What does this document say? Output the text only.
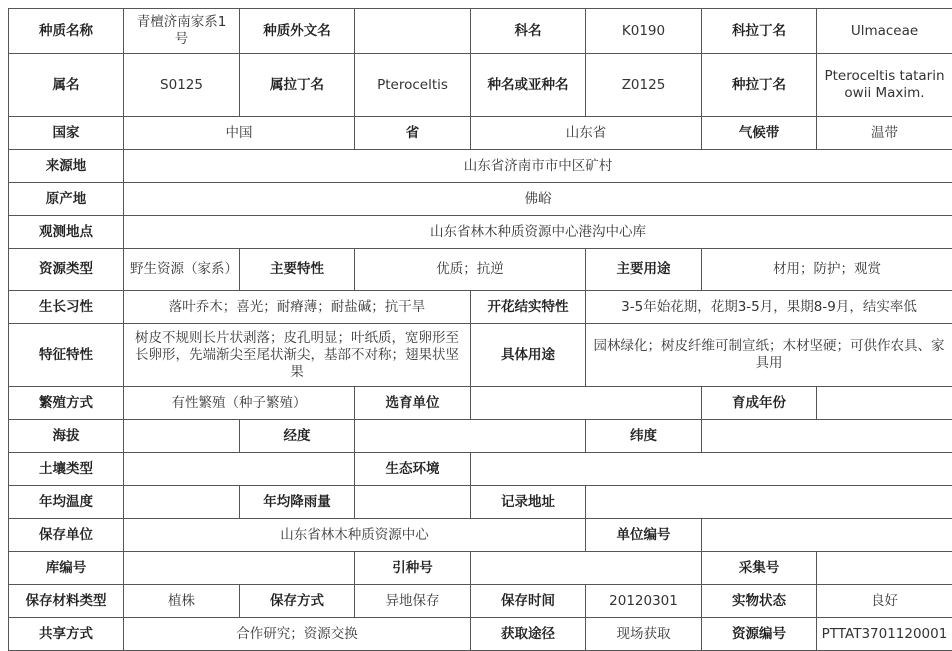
种质名称	青檀济南家系1号	种质外文名		科名	K0190	科拉丁名	Ulmaceae
属名	S0125	属拉丁名	Pteroceltis	种名或亚种名	Z0125	种拉丁名	Pteroceltis tatarinowii Maxim.
国家	中国		省	山东省		气候带	温带
来源地	山东省济南市市中区矿村						
原产地	佛峪						
观测地点	山东省林木种质资源中心港沟中心库						
资源类型	野生资源（家系）	主要特性	优质；抗逆		主要用途	材用；防护；观赏	
生长习性	落叶乔木；喜光；耐瘠薄；耐盐碱；抗干旱			开花结实特性	3-5年始花期，花期3-5月，果期8-9月，结实率低		
特征特性	树皮不规则长片状剥落；皮孔明显；叶纸质，宽卵形至长卵形，先端渐尖至尾状渐尖，基部不对称；翅果状坚果			具体用途	园林绿化；树皮纤维可制宣纸；木材坚硬；可供作农具、家具用		
繁殖方式	有性繁殖（种子繁殖）		选育单位			育成年份	
海拔		经度			纬度		
土壤类型			生态环境				
年均温度		年均降雨量		记录地址			
保存单位	山东省林木种质资源中心				单位编号		
库编号			引种号			采集号	
保存材料类型	植株	保存方式	异地保存	保存时间	20120301	实物状态	良好
共享方式	合作研究；资源交换			获取途径	现场获取	资源编号	PTTAT3701120001
